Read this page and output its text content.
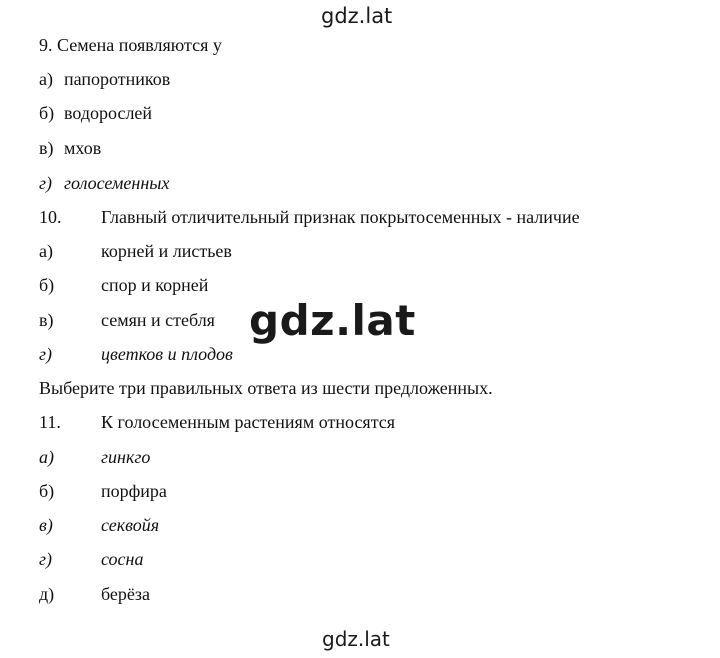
gdz.lat
9. Семена появляются у
а) папоротников
б) водорослей
в) мхов
г) голосеменных
10. Главный отличительный признак покрытосеменных - наличие
а)	корней и листьев
б)	спор и корней
в)	семян и стебля
г)	цветков и плодов
Выберите три правильных ответа из шести предложенных.
11. К голосеменным растениям относятся
а)	гинкго
б)	порфира
в)	секвойя
г)	сосна
д)	берёза
gdz.lat
gdz.lat
